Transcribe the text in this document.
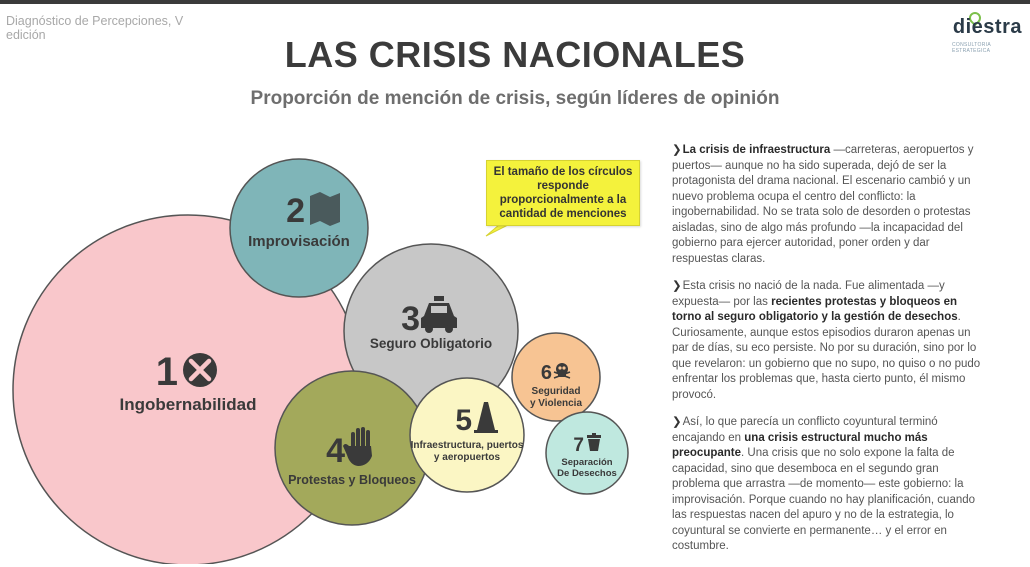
Diagnóstico de Percepciones, V edición	diestra
CONSULTORIA ESTRATEGICA
LAS CRISIS NACIONALES
Proporción de mención de crisis, según líderes de opinión
1
Ingobernabilidad
2
Improvisación
3
Seguro Obligatorio
4
Protestas y Bloqueos
5
Infraestructura, puertos
y aeropuertos
6
Seguridad
y Violencia
7
Separación
De Desechos
El tamaño de los círculos responde proporcionalmente a la cantidad de menciones

❯La crisis de infraestructura —carreteras, aeropuertos y puertos— aunque no ha sido superada, dejó de ser la protagonista del drama nacional. El escenario cambió y un nuevo problema ocupa el centro del conflicto: la ingobernabilidad. No se trata solo de desorden o protestas aisladas, sino de algo más profundo —la incapacidad del gobierno para ejercer autoridad, poner orden y dar respuestas claras.

❯Esta crisis no nació de la nada. Fue alimentada —y expuesta— por las recientes protestas y bloqueos en torno al seguro obligatorio y la gestión de desechos. Curiosamente, aunque estos episodios duraron apenas un par de días, su eco persiste. No por su duración, sino por lo que revelaron: un gobierno que no supo, no quiso o no pudo enfrentar los problemas que, hasta cierto punto, él mismo provocó.

❯Así, lo que parecía un conflicto coyuntural terminó encajando en una crisis estructural mucho más preocupante. Una crisis que no solo expone la falta de capacidad, sino que desemboca en el segundo gran problema que arrastra —de momento— este gobierno: la improvisación. Porque cuando no hay planificación, cuando las respuestas nacen del apuro y no de la estrategia, lo coyuntural se convierte en permanente… y el error en costumbre.
